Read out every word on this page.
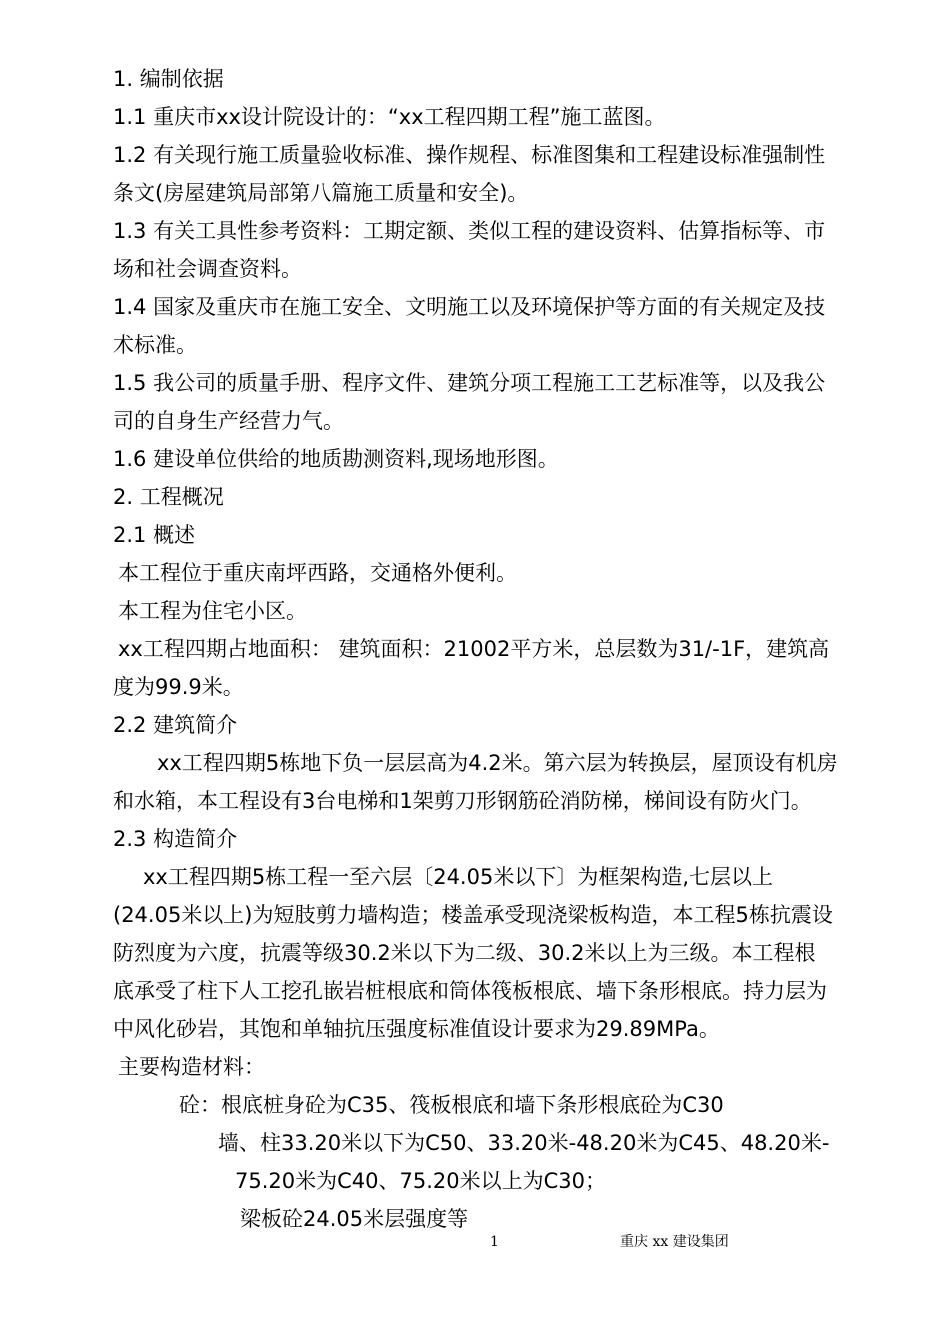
1. 编制依据
1.1 重庆市xx设计院设计的：“xx工程四期工程”施工蓝图。
1.2 有关现行施工质量验收标准、操作规程、标准图集和工程建设标准强制性
条文(房屋建筑局部第八篇施工质量和安全)。
1.3 有关工具性参考资料：工期定额、类似工程的建设资料、估算指标等、市
场和社会调查资料。
1.4 国家及重庆市在施工安全、文明施工以及环境保护等方面的有关规定及技
术标准。
1.5 我公司的质量手册、程序文件、建筑分项工程施工工艺标准等，以及我公
司的自身生产经营力气。
1.6 建设单位供给的地质勘测资料,现场地形图。
2. 工程概况
2.1 概述
本工程位于重庆南坪西路，交通格外便利。
本工程为住宅小区。
xx工程四期占地面积： 建筑面积：21002平方米，总层数为31/-1F，建筑高
度为99.9米。
2.2 建筑简介
xx工程四期5栋地下负一层层高为4.2米。第六层为转换层，屋顶设有机房
和水箱，本工程设有3台电梯和1架剪刀形钢筋砼消防梯，梯间设有防火门。
2.3 构造简介
xx工程四期5栋工程一至六层〔24.05米以下〕为框架构造,七层以上
(24.05米以上)为短肢剪力墙构造；楼盖承受现浇梁板构造，本工程5栋抗震设
防烈度为六度，抗震等级30.2米以下为二级、30.2米以上为三级。本工程根
底承受了柱下人工挖孔嵌岩桩根底和筒体筏板根底、墙下条形根底。持力层为
中风化砂岩，其饱和单轴抗压强度标准值设计要求为29.89MPa。
主要构造材料：
砼：根底桩身砼为C35、筏板根底和墙下条形根底砼为C30
墙、柱33.20米以下为C50、33.20米-48.20米为C45、48.20米-
75.20米为C40、75.20米以上为C30；
梁板砼24.05米层强度等
1	重庆 xx 建设集团
